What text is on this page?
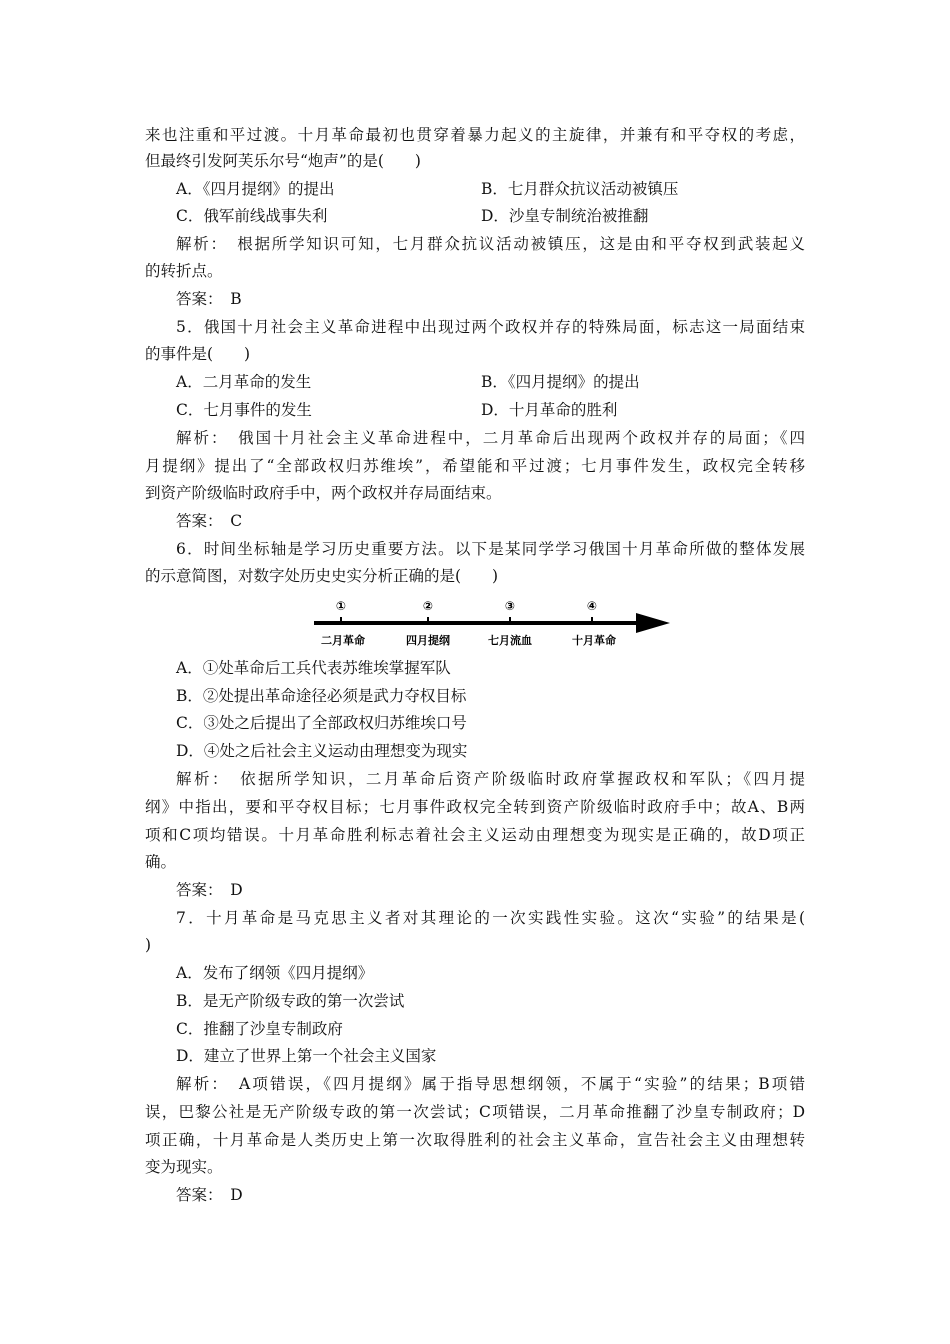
来也注重和平过渡。十月革命最初也贯穿着暴力起义的主旋律，并兼有和平夺权的考虑，
但最终引发阿芙乐尔号“炮声”的是(　　)
A．《四月提纲》的提出	B．七月群众抗议活动被镇压
C．俄军前线战事失利	D．沙皇专制统治被推翻
解析：　根据所学知识可知，七月群众抗议活动被镇压，这是由和平夺权到武装起义
的转折点。
答案：　B
5．俄国十月社会主义革命进程中出现过两个政权并存的特殊局面，标志这一局面结束
的事件是(　　)
A．二月革命的发生	B．《四月提纲》的提出
C．七月事件的发生	D．十月革命的胜利
解析：　俄国十月社会主义革命进程中，二月革命后出现两个政权并存的局面；《四
月提纲》提出了“全部政权归苏维埃”，希望能和平过渡；七月事件发生，政权完全转移
到资产阶级临时政府手中，两个政权并存局面结束。
答案：　C
6．时间坐标轴是学习历史重要方法。以下是某同学学习俄国十月革命所做的整体发展
的示意简图，对数字处历史史实分析正确的是(　　)
①	②	③	④
二月革命	四月提纲	七月流血	十月革命
A．①处革命后工兵代表苏维埃掌握军队
B．②处提出革命途径必须是武力夺权目标
C．③处之后提出了全部政权归苏维埃口号
D．④处之后社会主义运动由理想变为现实
解析：　依据所学知识，二月革命后资产阶级临时政府掌握政权和军队；《四月提
纲》中指出，要和平夺权目标；七月事件政权完全转到资产阶级临时政府手中；故A、B两
项和C项均错误。十月革命胜利标志着社会主义运动由理想变为现实是正确的，故D项正
确。
答案：　D
7．十月革命是马克思主义者对其理论的一次实践性实验。这次“实验”的结果是(
)
A．发布了纲领《四月提纲》
B．是无产阶级专政的第一次尝试
C．推翻了沙皇专制政府
D．建立了世界上第一个社会主义国家
解析：　A项错误，《四月提纲》属于指导思想纲领，不属于“实验”的结果；B项错
误，巴黎公社是无产阶级专政的第一次尝试；C项错误，二月革命推翻了沙皇专制政府；D
项正确，十月革命是人类历史上第一次取得胜利的社会主义革命，宣告社会主义由理想转
变为现实。
答案：　D
